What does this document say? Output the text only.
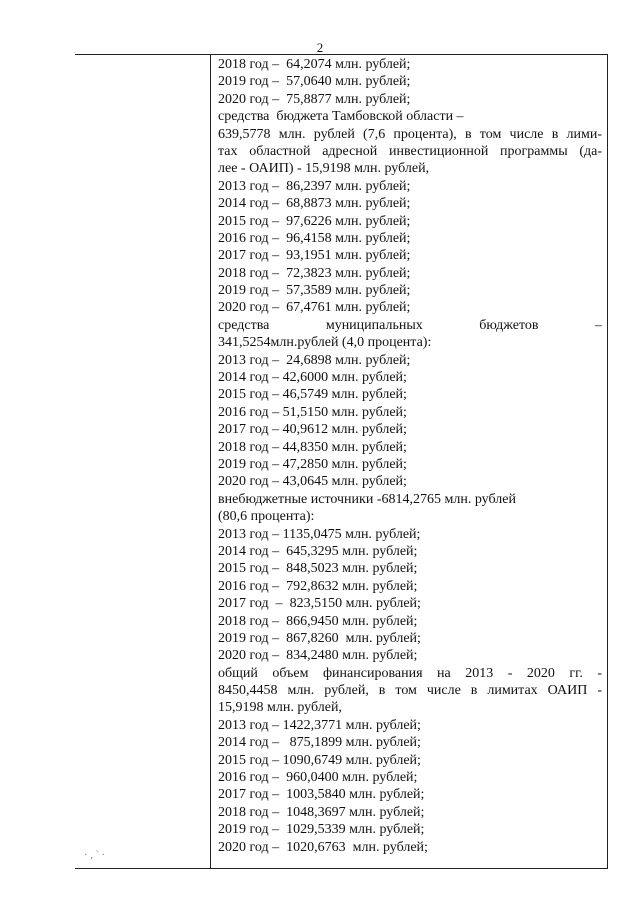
2
2018 год –  64,2074 млн. рублей;
2019 год –  57,0640 млн. рублей;
2020 год –  75,8877 млн. рублей;
средства  бюджета Тамбовской области –
639,5778 млн. рублей (7,6 процента), в том числе в лими-
тах областной адресной инвестиционной программы (да-
лее - ОАИП) - 15,9198 млн. рублей,
2013 год –  86,2397 млн. рублей;
2014 год –  68,8873 млн. рублей;
2015 год –  97,6226 млн. рублей;
2016 год –  96,4158 млн. рублей;
2017 год –  93,1951 млн. рублей;
2018 год –  72,3823 млн. рублей;
2019 год –  57,3589 млн. рублей;
2020 год –  67,4761 млн. рублей;
средства муниципальных бюджетов –
341,5254млн.рублей (4,0 процента):
2013 год –  24,6898 млн. рублей;
2014 год – 42,6000 млн. рублей;
2015 год – 46,5749 млн. рублей;
2016 год – 51,5150 млн. рублей;
2017 год – 40,9612 млн. рублей;
2018 год – 44,8350 млн. рублей;
2019 год – 47,2850 млн. рублей;
2020 год – 43,0645 млн. рублей;
внебюджетные источники -6814,2765 млн. рублей
(80,6 процента):
2013 год – 1135,0475 млн. рублей;
2014 год –  645,3295 млн. рублей;
2015 год –  848,5023 млн. рублей;
2016 год –  792,8632 млн. рублей;
2017 год  –  823,5150 млн. рублей;
2018 год –  866,9450 млн. рублей;
2019 год –  867,8260  млн. рублей;
2020 год –  834,2480 млн. рублей;
общий объем финансирования на 2013 - 2020 гг. -
8450,4458 млн. рублей, в том числе в лимитах ОАИП -
15,9198 млн. рублей,
2013 год – 1422,3771 млн. рублей;
2014 год –   875,1899 млн. рублей;
2015 год – 1090,6749 млн. рублей;
2016 год –  960,0400 млн. рублей;
2017 год –  1003,5840 млн. рублей;
2018 год –  1048,3697 млн. рублей;
2019 год –  1029,5339 млн. рублей;
2020 год –  1020,6763  млн. рублей;
· ‚ ` ·
